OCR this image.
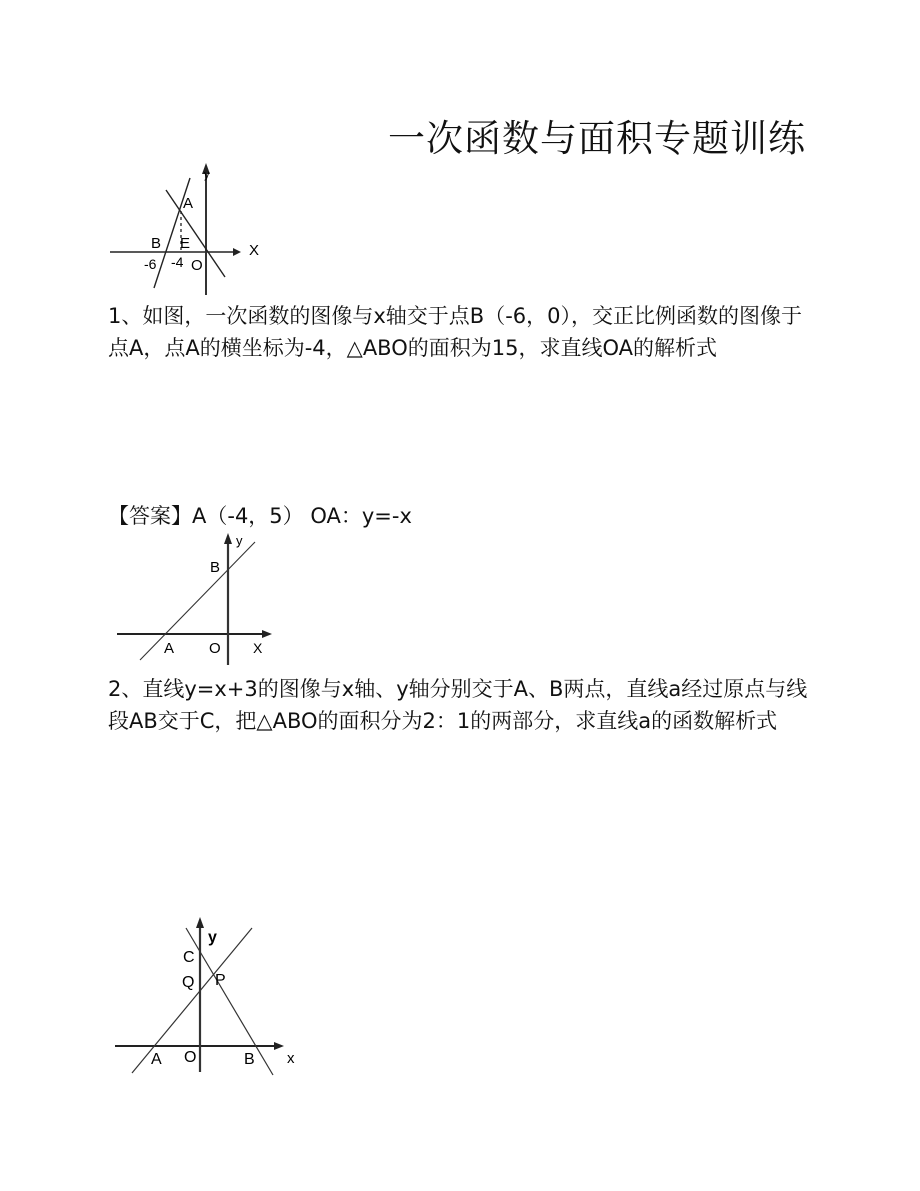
一次函数与面积专题训练
y
A
B E
-6 -4 O
X
1、如图，一次函数的图像与x轴交于点B（-6，0），交正比例函数的图像于点A，点A的横坐标为-4，△ABO的面积为15，求直线OA的解析式
【答案】A（-4，5） OA：y=-x
y
B
A O X
2、直线y=x+3的图像与x轴、y轴分别交于A、B两点，直线a经过原点与线段AB交于C，把△ABO的面积分为2：1的两部分，求直线a的函数解析式
y
C
Q P
A O	B x
